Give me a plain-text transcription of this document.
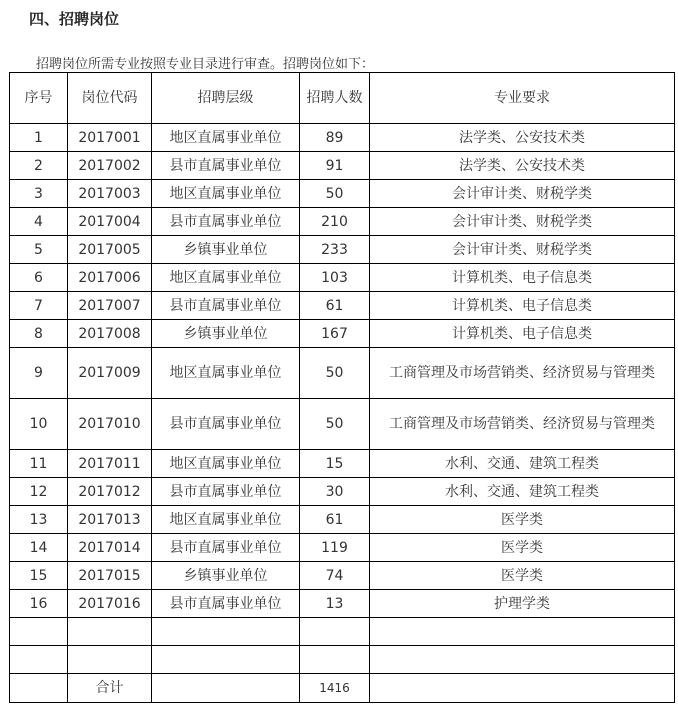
四、招聘岗位
招聘岗位所需专业按照专业目录进行审查。招聘岗位如下：
序号	岗位代码	招聘层级	招聘人数	专业要求
1	2017001	地区直属事业单位	89	法学类、公安技术类
2	2017002	县市直属事业单位	91	法学类、公安技术类
3	2017003	地区直属事业单位	50	会计审计类、财税学类
4	2017004	县市直属事业单位	210	会计审计类、财税学类
5	2017005	乡镇事业单位	233	会计审计类、财税学类
6	2017006	地区直属事业单位	103	计算机类、电子信息类
7	2017007	县市直属事业单位	61	计算机类、电子信息类
8	2017008	乡镇事业单位	167	计算机类、电子信息类
9	2017009	地区直属事业单位	50	工商管理及市场营销类、经济贸易与管理类
10	2017010	县市直属事业单位	50	工商管理及市场营销类、经济贸易与管理类
11	2017011	地区直属事业单位	15	水利、交通、建筑工程类
12	2017012	县市直属事业单位	30	水利、交通、建筑工程类
13	2017013	地区直属事业单位	61	医学类
14	2017014	县市直属事业单位	119	医学类
15	2017015	乡镇事业单位	74	医学类
16	2017016	县市直属事业单位	13	护理学类

	合计		1416	
